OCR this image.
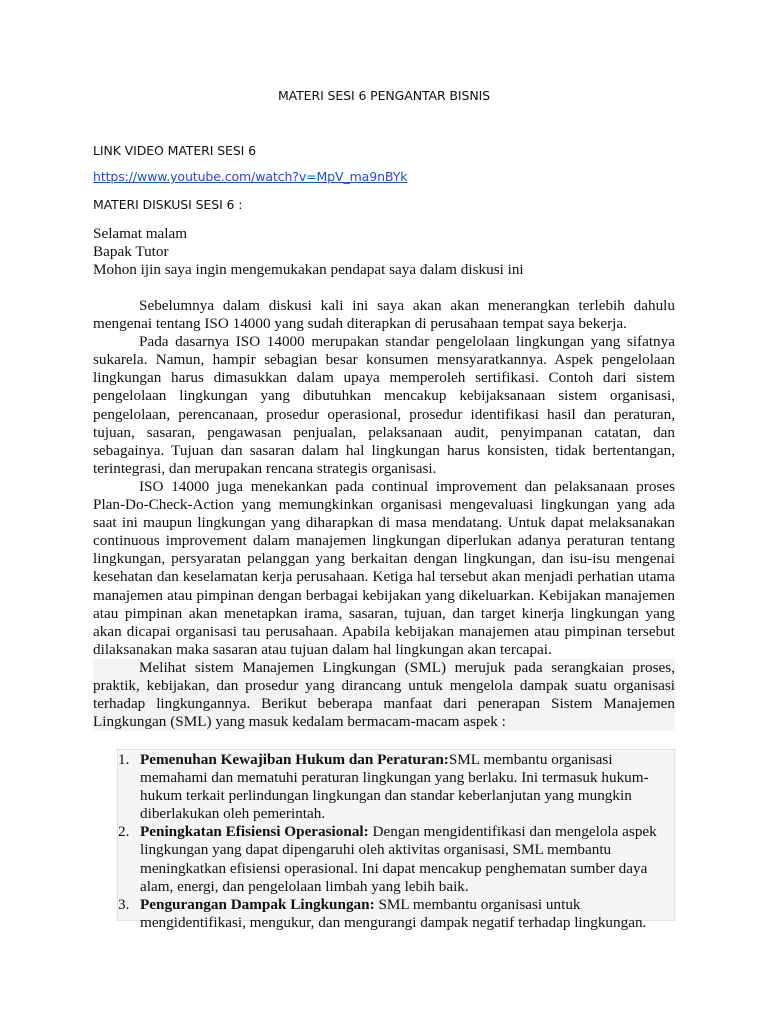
MATERI SESI 6 PENGANTAR BISNIS
LINK VIDEO MATERI SESI 6
https://www.youtube.com/watch?v=MpV_ma9nBYk
MATERI DISKUSI SESI 6 :
Selamat malam
Bapak Tutor
Mohon ijin saya ingin mengemukakan pendapat saya dalam diskusi ini

Sebelumnya dalam diskusi kali ini saya akan akan menerangkan terlebih dahulu mengenai tentang ISO 14000 yang sudah diterapkan di perusahaan tempat saya bekerja.

Pada dasarnya ISO 14000 merupakan standar pengelolaan lingkungan yang sifatnya sukarela. Namun, hampir sebagian besar konsumen mensyaratkannya. Aspek pengelolaan lingkungan harus dimasukkan dalam upaya memperoleh sertifikasi. Contoh dari sistem pengelolaan lingkungan yang dibutuhkan mencakup kebijaksanaan sistem organisasi, pengelolaan, perencanaan, prosedur operasional, prosedur identifikasi hasil dan peraturan, tujuan, sasaran, pengawasan penjualan, pelaksanaan audit, penyimpanan catatan, dan sebagainya. Tujuan dan sasaran dalam hal lingkungan harus konsisten, tidak bertentangan, terintegrasi, dan merupakan rencana strategis organisasi.

ISO 14000 juga menekankan pada continual improvement dan pelaksanaan proses Plan-Do-Check-Action yang memungkinkan organisasi mengevaluasi lingkungan yang ada saat ini maupun lingkungan yang diharapkan di masa mendatang. Untuk dapat melaksanakan continuous improvement dalam manajemen lingkungan diperlukan adanya peraturan tentang lingkungan, persyaratan pelanggan yang berkaitan dengan lingkungan, dan isu-isu mengenai kesehatan dan keselamatan kerja perusahaan. Ketiga hal tersebut akan menjadi perhatian utama manajemen atau pimpinan dengan berbagai kebijakan yang dikeluarkan. Kebijakan manajemen atau pimpinan akan menetapkan irama, sasaran, tujuan, dan target kinerja lingkungan yang akan dicapai organisasi tau perusahaan. Apabila kebijakan manajemen atau pimpinan tersebut dilaksanakan maka sasaran atau tujuan dalam hal lingkungan akan tercapai.

Melihat sistem Manajemen Lingkungan (SML) merujuk pada serangkaian proses, praktik, kebijakan, dan prosedur yang dirancang untuk mengelola dampak suatu organisasi terhadap lingkungannya. Berikut beberapa manfaat dari penerapan Sistem Manajemen Lingkungan (SML) yang masuk kedalam bermacam-macam aspek :

1. Pemenuhan Kewajiban Hukum dan Peraturan:SML membantu organisasi memahami dan mematuhi peraturan lingkungan yang berlaku. Ini termasuk hukum-hukum terkait perlindungan lingkungan dan standar keberlanjutan yang mungkin diberlakukan oleh pemerintah.
2. Peningkatan Efisiensi Operasional: Dengan mengidentifikasi dan mengelola aspek lingkungan yang dapat dipengaruhi oleh aktivitas organisasi, SML membantu meningkatkan efisiensi operasional. Ini dapat mencakup penghematan sumber daya alam, energi, dan pengelolaan limbah yang lebih baik.
3. Pengurangan Dampak Lingkungan: SML membantu organisasi untuk mengidentifikasi, mengukur, dan mengurangi dampak negatif terhadap lingkungan.
